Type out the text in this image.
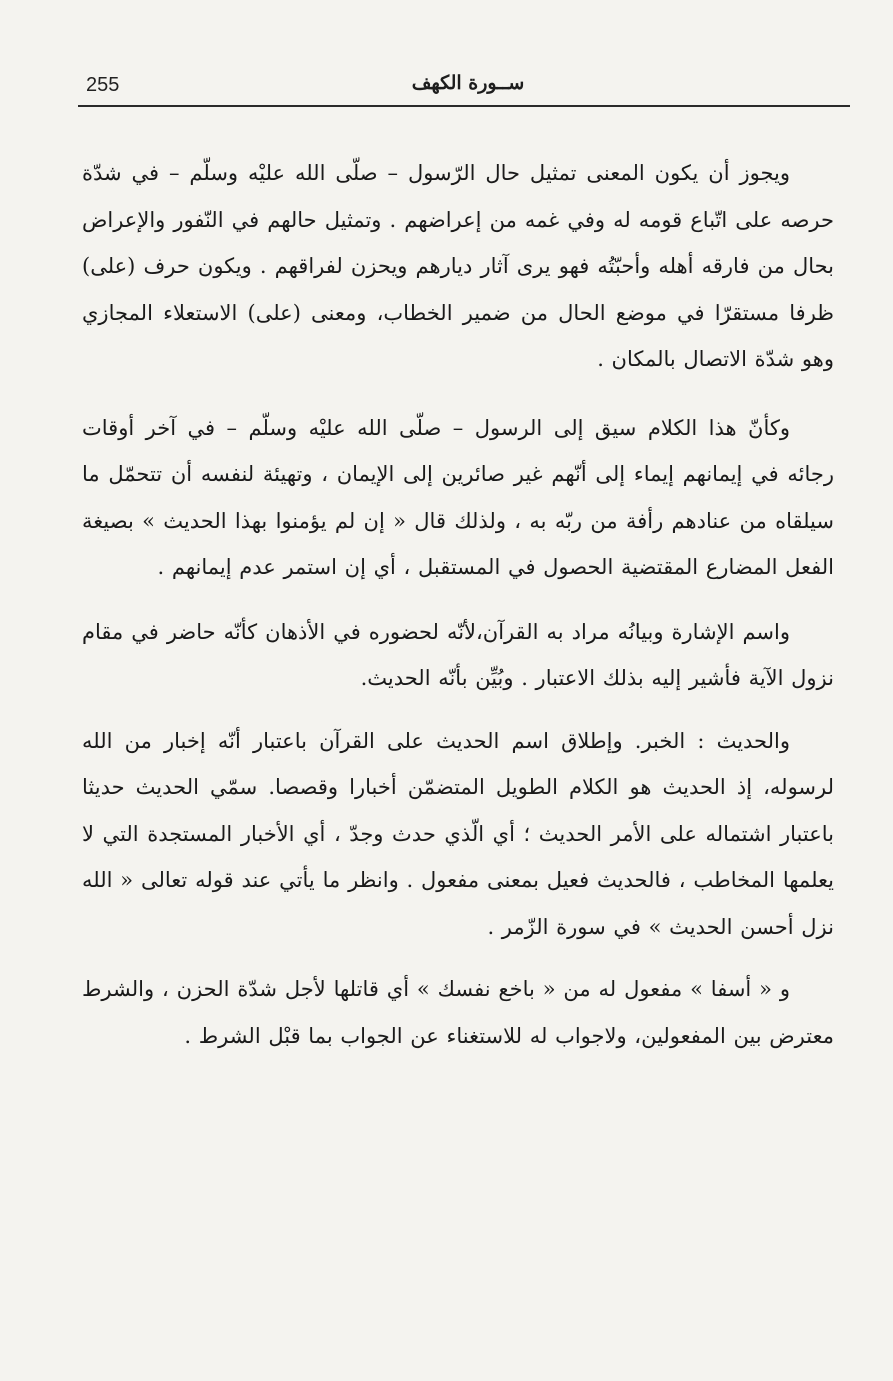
255	ســورة الكهف

ويجوز أن يكون المعنى تمثيل حال الرّسول – صلّى الله عليْه وسلّم – في شدّة حرصه على اتّباع قومه له وفي غمه من إعراضهم . وتمثيل حالهم في النّفور والإعراض بحال من فارقه أهله وأحبّتُه فهو يرى آثار ديارهم ويحزن لفراقهم . ويكون حرف (على) ظرفا مستقرّا في موضع الحال من ضمير الخطاب، ومعنى (على) الاستعلاء المجازي وهو شدّة الاتصال بالمكان .

وكأنّ هذا الكلام سيق إلى الرسول – صلّى الله عليْه وسلّم – في آخر أوقات رجائه في إيمانهم إيماء إلى أنّهم غير صائرين إلى الإيمان ، وتهيئة لنفسه أن تتحمّل ما سيلقاه من عنادهم رأفة من ربّه به ، ولذلك قال « إن لم يؤمنوا بهذا الحديث » بصيغة الفعل المضارع المقتضية الحصول في المستقبل ، أي إن استمر عدم إيمانهم .

واسم الإشارة وبيانُه مراد به القرآن،لأنّه لحضوره في الأذهان كأنّه حاضر في مقام نزول الآية فأشير إليه بذلك الاعتبار . وبُيِّن بأنّه الحديث.

والحديث : الخبر. وإطلاق اسم الحديث على القرآن باعتبار أنّه إخبار من الله لرسوله، إذ الحديث هو الكلام الطويل المتضمّن أخبارا وقصصا. سمّي الحديث حديثا باعتبار اشتماله على الأمر الحديث ؛ أي الّذي حدث وجدّ ، أي الأخبار المستجدة التي لا يعلمها المخاطب ، فالحديث فعيل بمعنى مفعول . وانظر ما يأتي عند قوله تعالى « الله نزل أحسن الحديث » في سورة الزّمر .

و « أسفا » مفعول له من « باخع نفسك » أي قاتلها لأجل شدّة الحزن ، والشرط معترض بين المفعولين، ولاجواب له للاستغناء عن الجواب بما قبْل الشرط .
